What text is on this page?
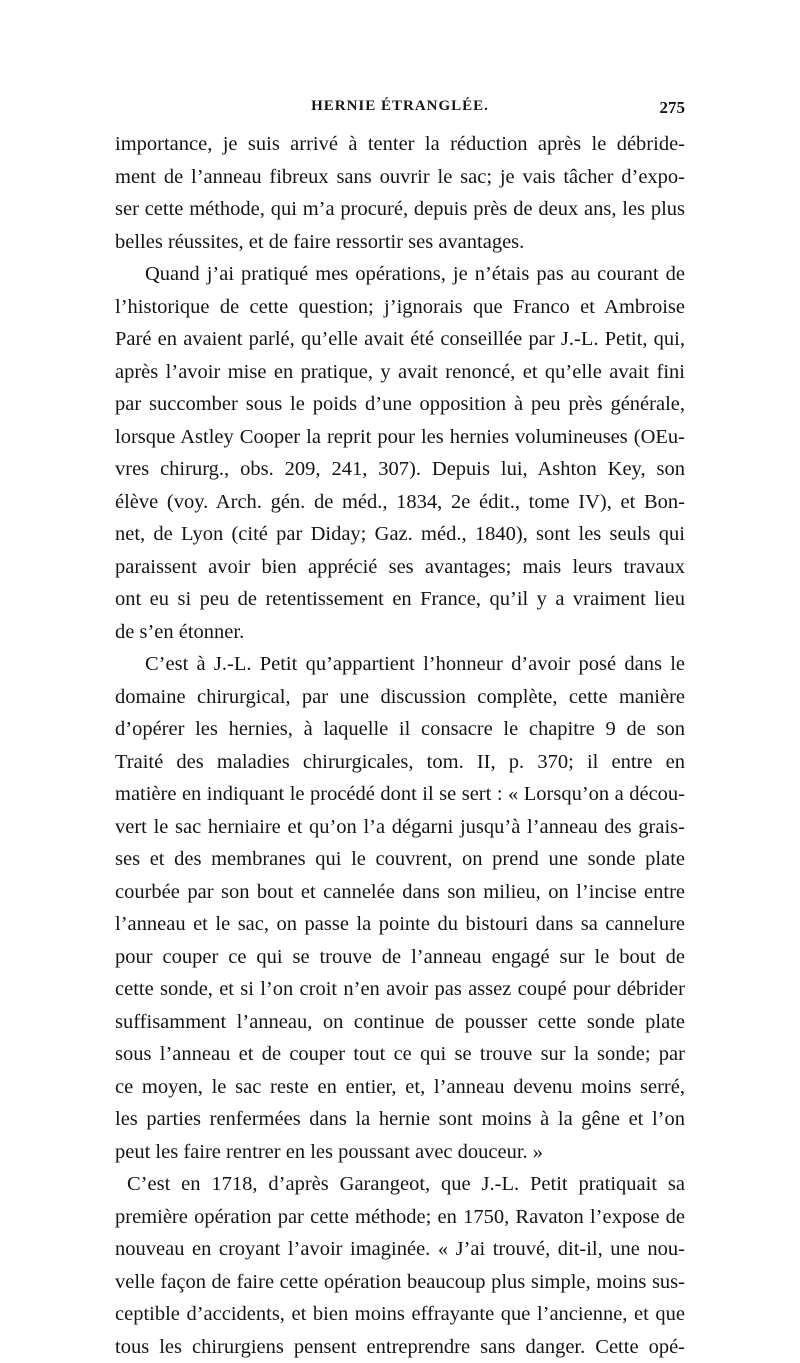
HERNIE ÉTRANGLÉE.	275
importance, je suis arrivé à tenter la réduction après le débride-
ment de l’anneau fibreux sans ouvrir le sac; je vais tâcher d’expo-
ser cette méthode, qui m’a procuré, depuis près de deux ans, les plus
belles réussites, et de faire ressortir ses avantages.
Quand j’ai pratiqué mes opérations, je n’étais pas au courant de
l’historique de cette question; j’ignorais que Franco et Ambroise
Paré en avaient parlé, qu’elle avait été conseillée par J.-L. Petit, qui,
après l’avoir mise en pratique, y avait renoncé, et qu’elle avait fini
par succomber sous le poids d’une opposition à peu près générale,
lorsque Astley Cooper la reprit pour les hernies volumineuses (OEu-
vres chirurg., obs. 209, 241, 307). Depuis lui, Ashton Key, son
élève (voy. Arch. gén. de méd., 1834, 2e édit., tome IV), et Bon-
net, de Lyon (cité par Diday; Gaz. méd., 1840), sont les seuls qui
paraissent avoir bien apprécié ses avantages; mais leurs travaux
ont eu si peu de retentissement en France, qu’il y a vraiment lieu
de s’en étonner.
C’est à J.-L. Petit qu’appartient l’honneur d’avoir posé dans le
domaine chirurgical, par une discussion complète, cette manière
d’opérer les hernies, à laquelle il consacre le chapitre 9 de son
Traité des maladies chirurgicales, tom. II, p. 370; il entre en
matière en indiquant le procédé dont il se sert : « Lorsqu’on a décou-
vert le sac herniaire et qu’on l’a dégarni jusqu’à l’anneau des grais-
ses et des membranes qui le couvrent, on prend une sonde plate
courbée par son bout et cannelée dans son milieu, on l’incise entre
l’anneau et le sac, on passe la pointe du bistouri dans sa cannelure
pour couper ce qui se trouve de l’anneau engagé sur le bout de
cette sonde, et si l’on croit n’en avoir pas assez coupé pour débrider
suffisamment l’anneau, on continue de pousser cette sonde plate
sous l’anneau et de couper tout ce qui se trouve sur la sonde; par
ce moyen, le sac reste en entier, et, l’anneau devenu moins serré,
les parties renfermées dans la hernie sont moins à la gêne et l’on
peut les faire rentrer en les poussant avec douceur. »
C’est en 1718, d’après Garangeot, que J.-L. Petit pratiquait sa
première opération par cette méthode; en 1750, Ravaton l’expose de
nouveau en croyant l’avoir imaginée. « J’ai trouvé, dit-il, une nou-
velle façon de faire cette opération beaucoup plus simple, moins sus-
ceptible d’accidents, et bien moins effrayante que l’ancienne, et que
tous les chirurgiens pensent entreprendre sans danger. Cette opé-
